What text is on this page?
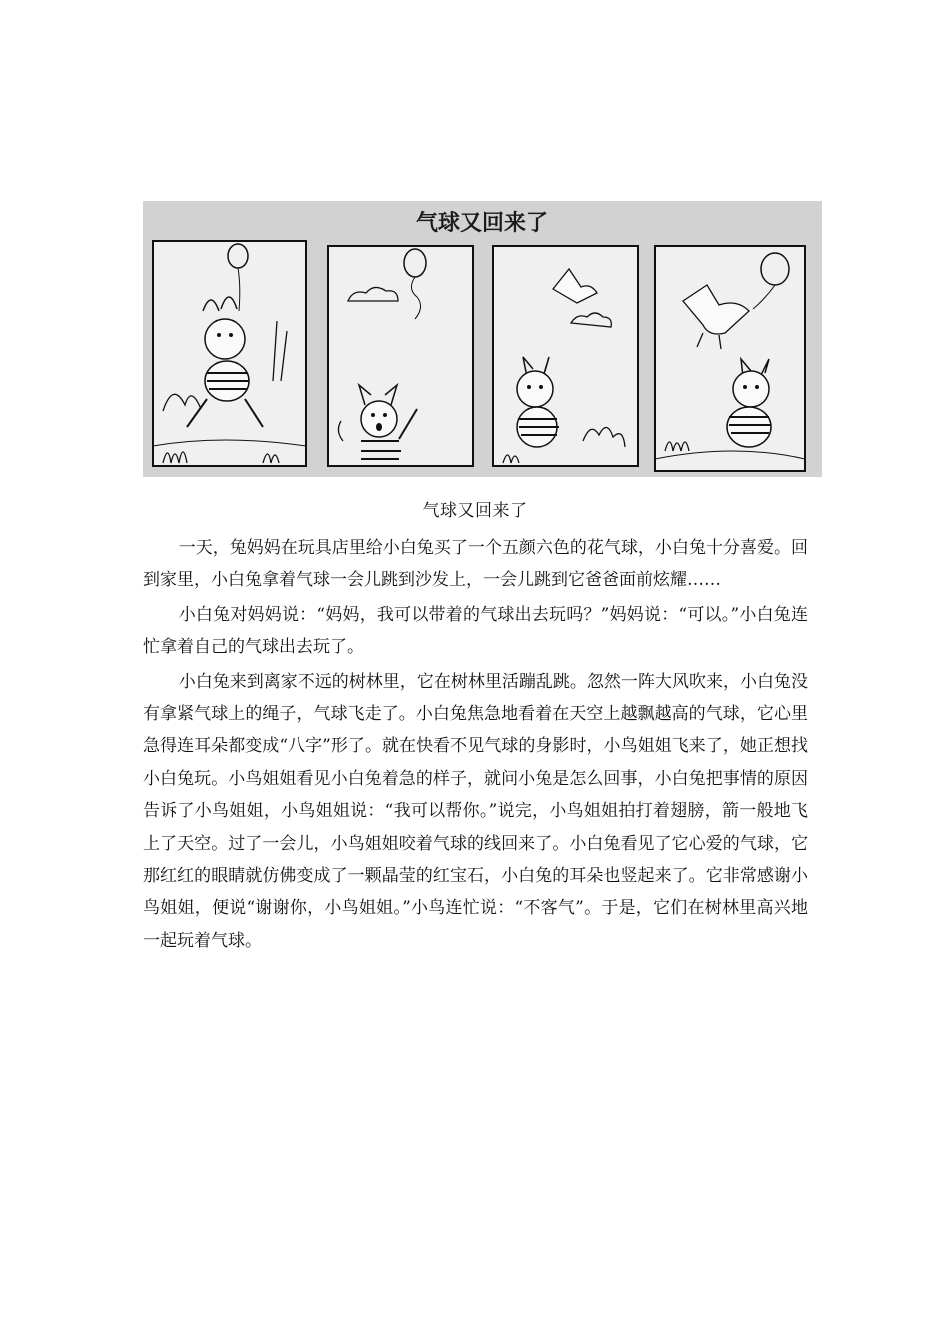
气球又回来了
气球又回来了

一天，兔妈妈在玩具店里给小白兔买了一个五颜六色的花气球，小白兔十分喜爱。回到家里，小白兔拿着气球一会儿跳到沙发上，一会儿跳到它爸爸面前炫耀……

小白兔对妈妈说：“妈妈，我可以带着的气球出去玩吗？”妈妈说：“可以。”小白兔连忙拿着自己的气球出去玩了。

小白兔来到离家不远的树林里，它在树林里活蹦乱跳。忽然一阵大风吹来，小白兔没有拿紧气球上的绳子，气球飞走了。小白兔焦急地看着在天空上越飘越高的气球，它心里急得连耳朵都变成“八字”形了。就在快看不见气球的身影时，小鸟姐姐飞来了，她正想找小白兔玩。小鸟姐姐看见小白兔着急的样子，就问小兔是怎么回事，小白兔把事情的原因告诉了小鸟姐姐，小鸟姐姐说：“我可以帮你。”说完，小鸟姐姐拍打着翅膀，箭一般地飞上了天空。过了一会儿，小鸟姐姐咬着气球的线回来了。小白兔看见了它心爱的气球，它那红红的眼睛就仿佛变成了一颗晶莹的红宝石，小白兔的耳朵也竖起来了。它非常感谢小鸟姐姐，便说“谢谢你，小鸟姐姐。”小鸟连忙说：“不客气”。于是，它们在树林里高兴地一起玩着气球。
